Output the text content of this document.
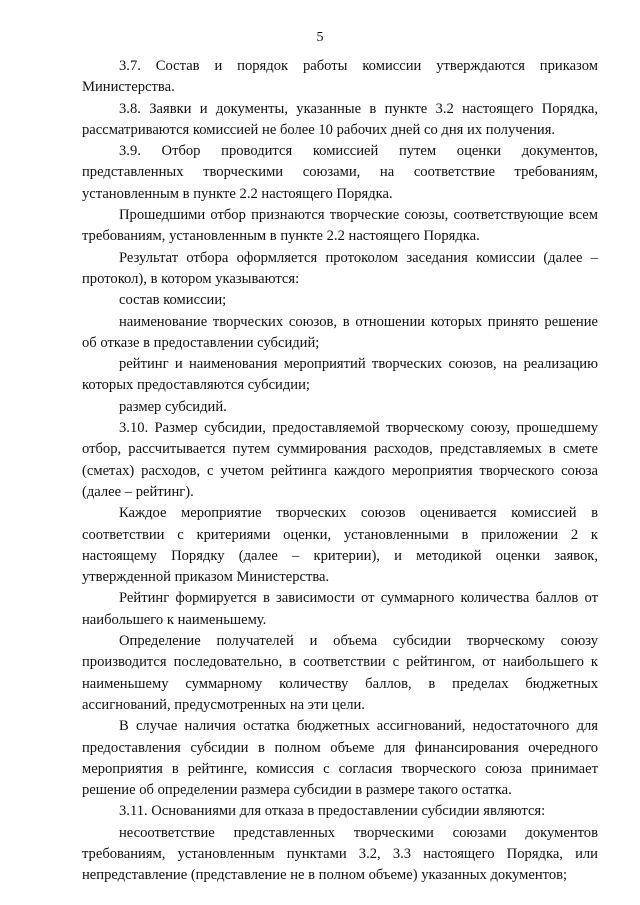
5

3.7. Состав и порядок работы комиссии утверждаются приказом Министерства.

3.8. Заявки и документы, указанные в пункте 3.2 настоящего Порядка, рассматриваются комиссией не более 10 рабочих дней со дня их получения.

3.9. Отбор проводится комиссией путем оценки документов, представленных творческими союзами, на соответствие требованиям, установленным в пункте 2.2 настоящего Порядка.

Прошедшими отбор признаются творческие союзы, соответствующие всем требованиям, установленным в пункте 2.2 настоящего Порядка.

Результат отбора оформляется протоколом заседания комиссии (далее – протокол), в котором указываются:

состав комиссии;

наименование творческих союзов, в отношении которых принято решение об отказе в предоставлении субсидий;

рейтинг и наименования мероприятий творческих союзов, на реализацию которых предоставляются субсидии;

размер субсидий.

3.10. Размер субсидии, предоставляемой творческому союзу, прошедшему отбор, рассчитывается путем суммирования расходов, представляемых в смете (сметах) расходов, с учетом рейтинга каждого мероприятия творческого союза (далее – рейтинг).

Каждое мероприятие творческих союзов оценивается комиссией в соответствии с критериями оценки, установленными в приложении 2 к настоящему Порядку (далее – критерии), и методикой оценки заявок, утвержденной приказом Министерства.

Рейтинг формируется в зависимости от суммарного количества баллов от наибольшего к наименьшему.

Определение получателей и объема субсидии творческому союзу производится последовательно, в соответствии с рейтингом, от наибольшего к наименьшему суммарному количеству баллов, в пределах бюджетных ассигнований, предусмотренных на эти цели.

В случае наличия остатка бюджетных ассигнований, недостаточного для предоставления субсидии в полном объеме для финансирования очередного мероприятия в рейтинге, комиссия с согласия творческого союза принимает решение об определении размера субсидии в размере такого остатка.

3.11. Основаниями для отказа в предоставлении субсидии являются:

несоответствие представленных творческими союзами документов требованиям, установленным пунктами 3.2, 3.3 настоящего Порядка, или непредставление (представление не в полном объеме) указанных документов;
